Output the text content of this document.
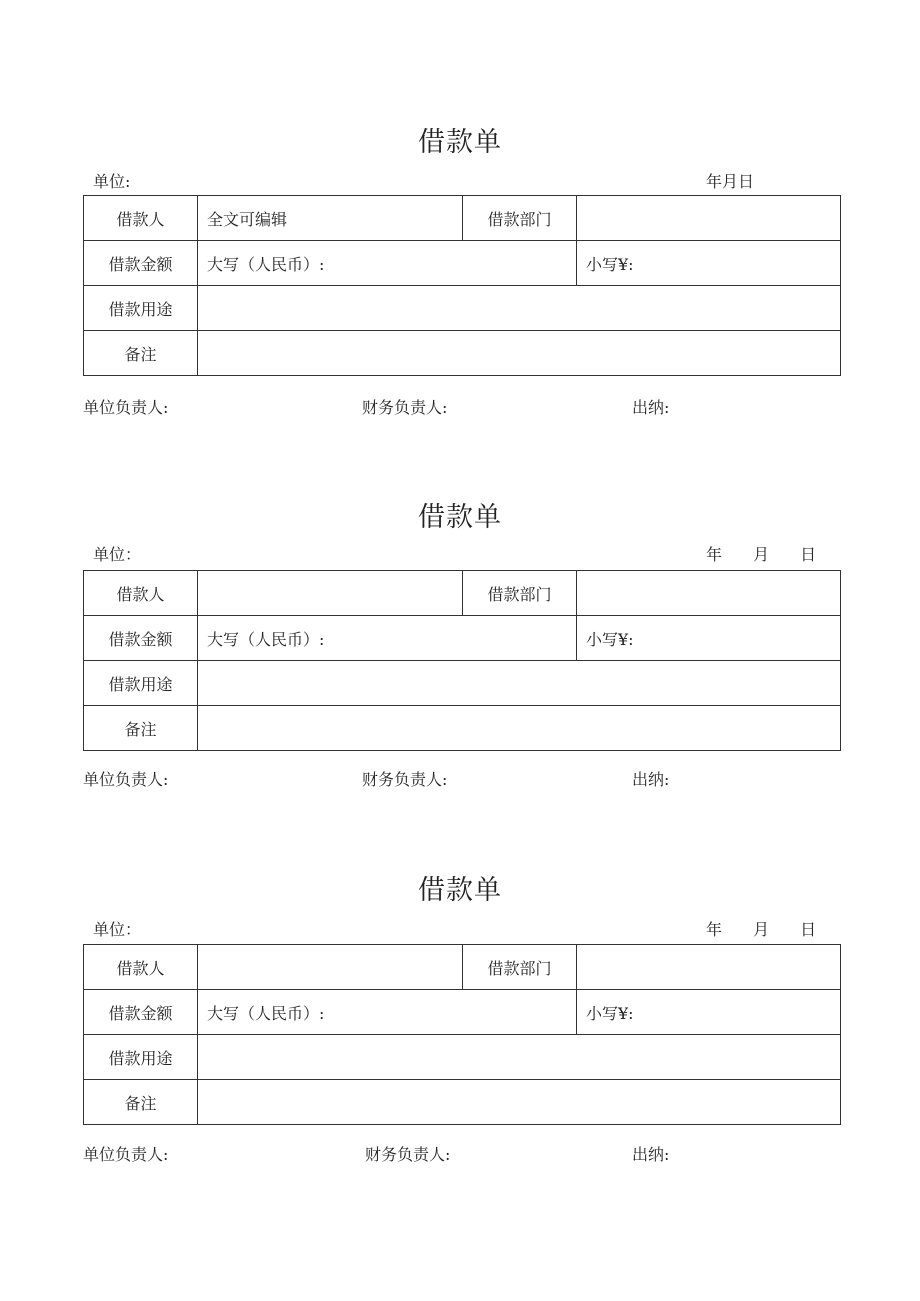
借款单
单位:	年月日
借款人	全文可编辑	借款部门	
借款金额	大写（人民币）:		小写¥:
借款用途			
备注			
单位负责人:	财务负责人:	出纳:
借款单
单位：	年 月 日
借款人		借款部门	
借款金额	大写（人民币）:		小写¥:
借款用途			
备注			
单位负责人:	财务负责人:	出纳:
借款单
单位：	年 月 日
借款人		借款部门	
借款金额	大写（人民币）:		小写¥:
借款用途			
备注			
单位负责人:	财务负责人:	出纳:
